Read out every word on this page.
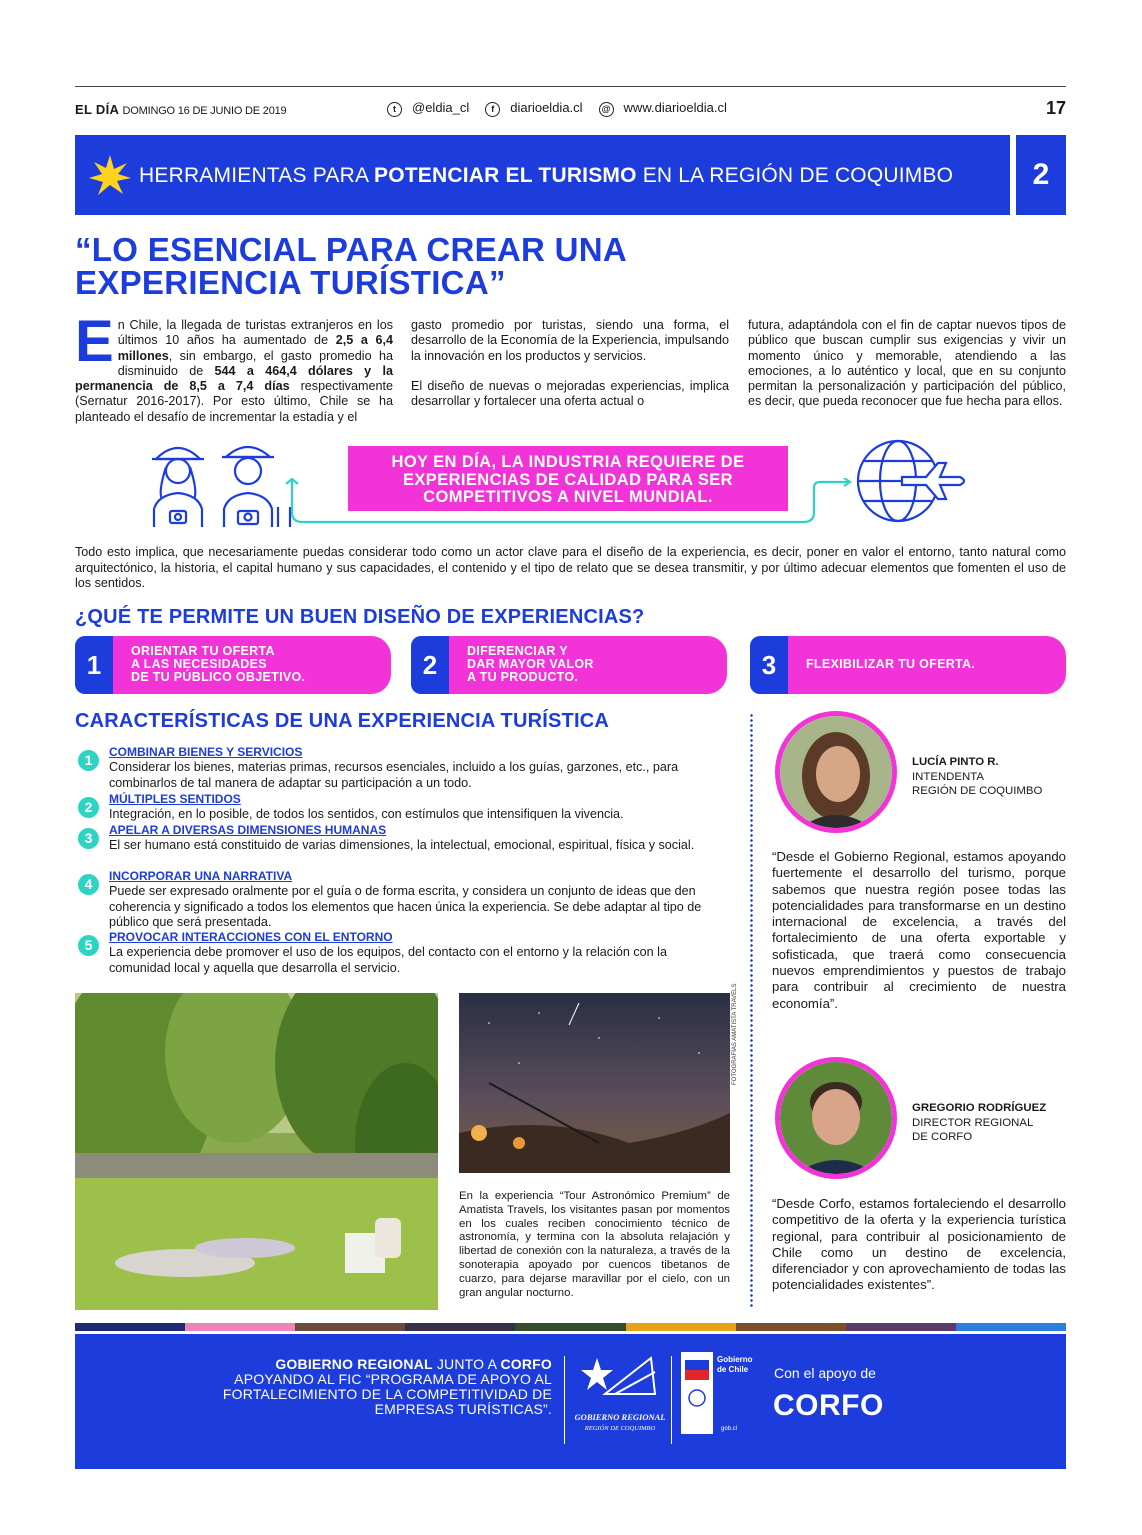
EL DÍA DOMINGO 16 DE JUNIO DE 2019	t @eldia_cl	f diarioeldia.cl	@ www.diarioeldia.cl	17
HERRAMIENTAS PARA POTENCIAR EL TURISMO EN LA REGIÓN DE COQUIMBO	2
“LO ESENCIAL PARA CREAR UNA EXPERIENCIA TURÍSTICA”
En Chile, la llegada de turistas extranjeros en los últimos 10 años ha aumentado de 2,5 a 6,4 millones, sin embargo, el gasto promedio ha disminuido de 544 a 464,4 dólares y la permanencia de 8,5 a 7,4 días respectivamente (Sernatur 2016-2017). Por esto último, Chile se ha planteado el desafío de incrementar la estadía y el

gasto promedio por turistas, siendo una forma, el desarrollo de la Economía de la Experiencia, impulsando la innovación en los productos y servicios.

El diseño de nuevas o mejoradas experiencias, implica desarrollar y fortalecer una oferta actual o

futura, adaptándola con el fin de captar nuevos tipos de público que buscan cumplir sus exigencias y vivir un momento único y memorable, atendiendo a las emociones, a lo auténtico y local, que en su conjunto permitan la personalización y participación del público, es decir, que pueda reconocer que fue hecha para ellos.
HOY EN DÍA, LA INDUSTRIA REQUIERE DE EXPERIENCIAS DE CALIDAD PARA SER COMPETITIVOS A NIVEL MUNDIAL.
Todo esto implica, que necesariamente puedas considerar todo como un actor clave para el diseño de la experiencia, es decir, poner en valor el entorno, tanto natural como arquitectónico, la historia, el capital humano y sus capacidades, el contenido y el tipo de relato que se desea transmitir, y por último adecuar elementos que fomenten el uso de los sentidos.
¿QUÉ TE PERMITE UN BUEN DISEÑO DE EXPERIENCIAS?
1	ORIENTAR TU OFERTA
A LAS NECESIDADES
DE TU PÚBLICO OBJETIVO.	2	DIFERENCIAR Y
DAR MAYOR VALOR
A TU PRODUCTO.	3	FLEXIBILIZAR TU OFERTA.
CARACTERÍSTICAS DE UNA EXPERIENCIA TURÍSTICA
1	COMBINAR BIENES Y SERVICIOS
Considerar los bienes, materias primas, recursos esenciales, incluido a los guías, garzones, etc., para combinarlos de tal manera de adaptar su participación a un todo.
2	MÚLTIPLES SENTIDOS
Integración, en lo posible, de todos los sentidos, con estímulos que intensifiquen la vivencia.
3	APELAR A DIVERSAS DIMENSIONES HUMANAS
El ser humano está constituido de varias dimensiones, la intelectual, emocional, espiritual, física y social.
4	INCORPORAR UNA NARRATIVA
Puede ser expresado oralmente por el guía o de forma escrita, y considera un conjunto de ideas que den coherencia y significado a todos los elementos que hacen única la experiencia. Se debe adaptar al tipo de público que será presentada.
5	PROVOCAR INTERACCIONES CON EL ENTORNO
La experiencia debe promover el uso de los equipos, del contacto con el entorno y la relación con la comunidad local y aquella que desarrolla el servicio.
FOTOGRAFÍAS AMATISTA TRAVELS
En la experiencia “Tour Astronómico Premium” de Amatista Travels, los visitantes pasan por momentos en los cuales reciben conocimiento técnico de astronomía, y termina con la absoluta relajación y libertad de conexión con la naturaleza, a través de la sonoterapia apoyado por cuencos tibetanos de cuarzo, para dejarse maravillar por el cielo, con un gran angular nocturno.
LUCÍA PINTO R.
INTENDENTA
REGIÓN DE COQUIMBO
“Desde el Gobierno Regional, estamos apoyando fuertemente el desarrollo del turismo, porque sabemos que nuestra región posee todas las potencialidades para transformarse en un destino internacional de excelencia, a través del fortalecimiento de una oferta exportable y sofisticada, que traerá como consecuencia nuevos emprendimientos y puestos de trabajo para contribuir al crecimiento de nuestra economía”.
GREGORIO RODRÍGUEZ
DIRECTOR REGIONAL
DE CORFO
“Desde Corfo, estamos fortaleciendo el desarrollo competitivo de la oferta y la experiencia turística regional, para contribuir al posicionamiento de Chile como un destino de excelencia, diferenciador y con aprovechamiento de todas las potencialidades existentes”.
GOBIERNO REGIONAL JUNTO A CORFO
APOYANDO AL FIC “PROGRAMA DE APOYO AL FORTALECIMIENTO DE LA COMPETITIVIDAD DE EMPRESAS TURÍSTICAS”.	GOBIERNO REGIONAL
REGIÓN DE COQUIMBO
Gobierno
de Chile
gob.cl
Con el apoyo de
CORFO
